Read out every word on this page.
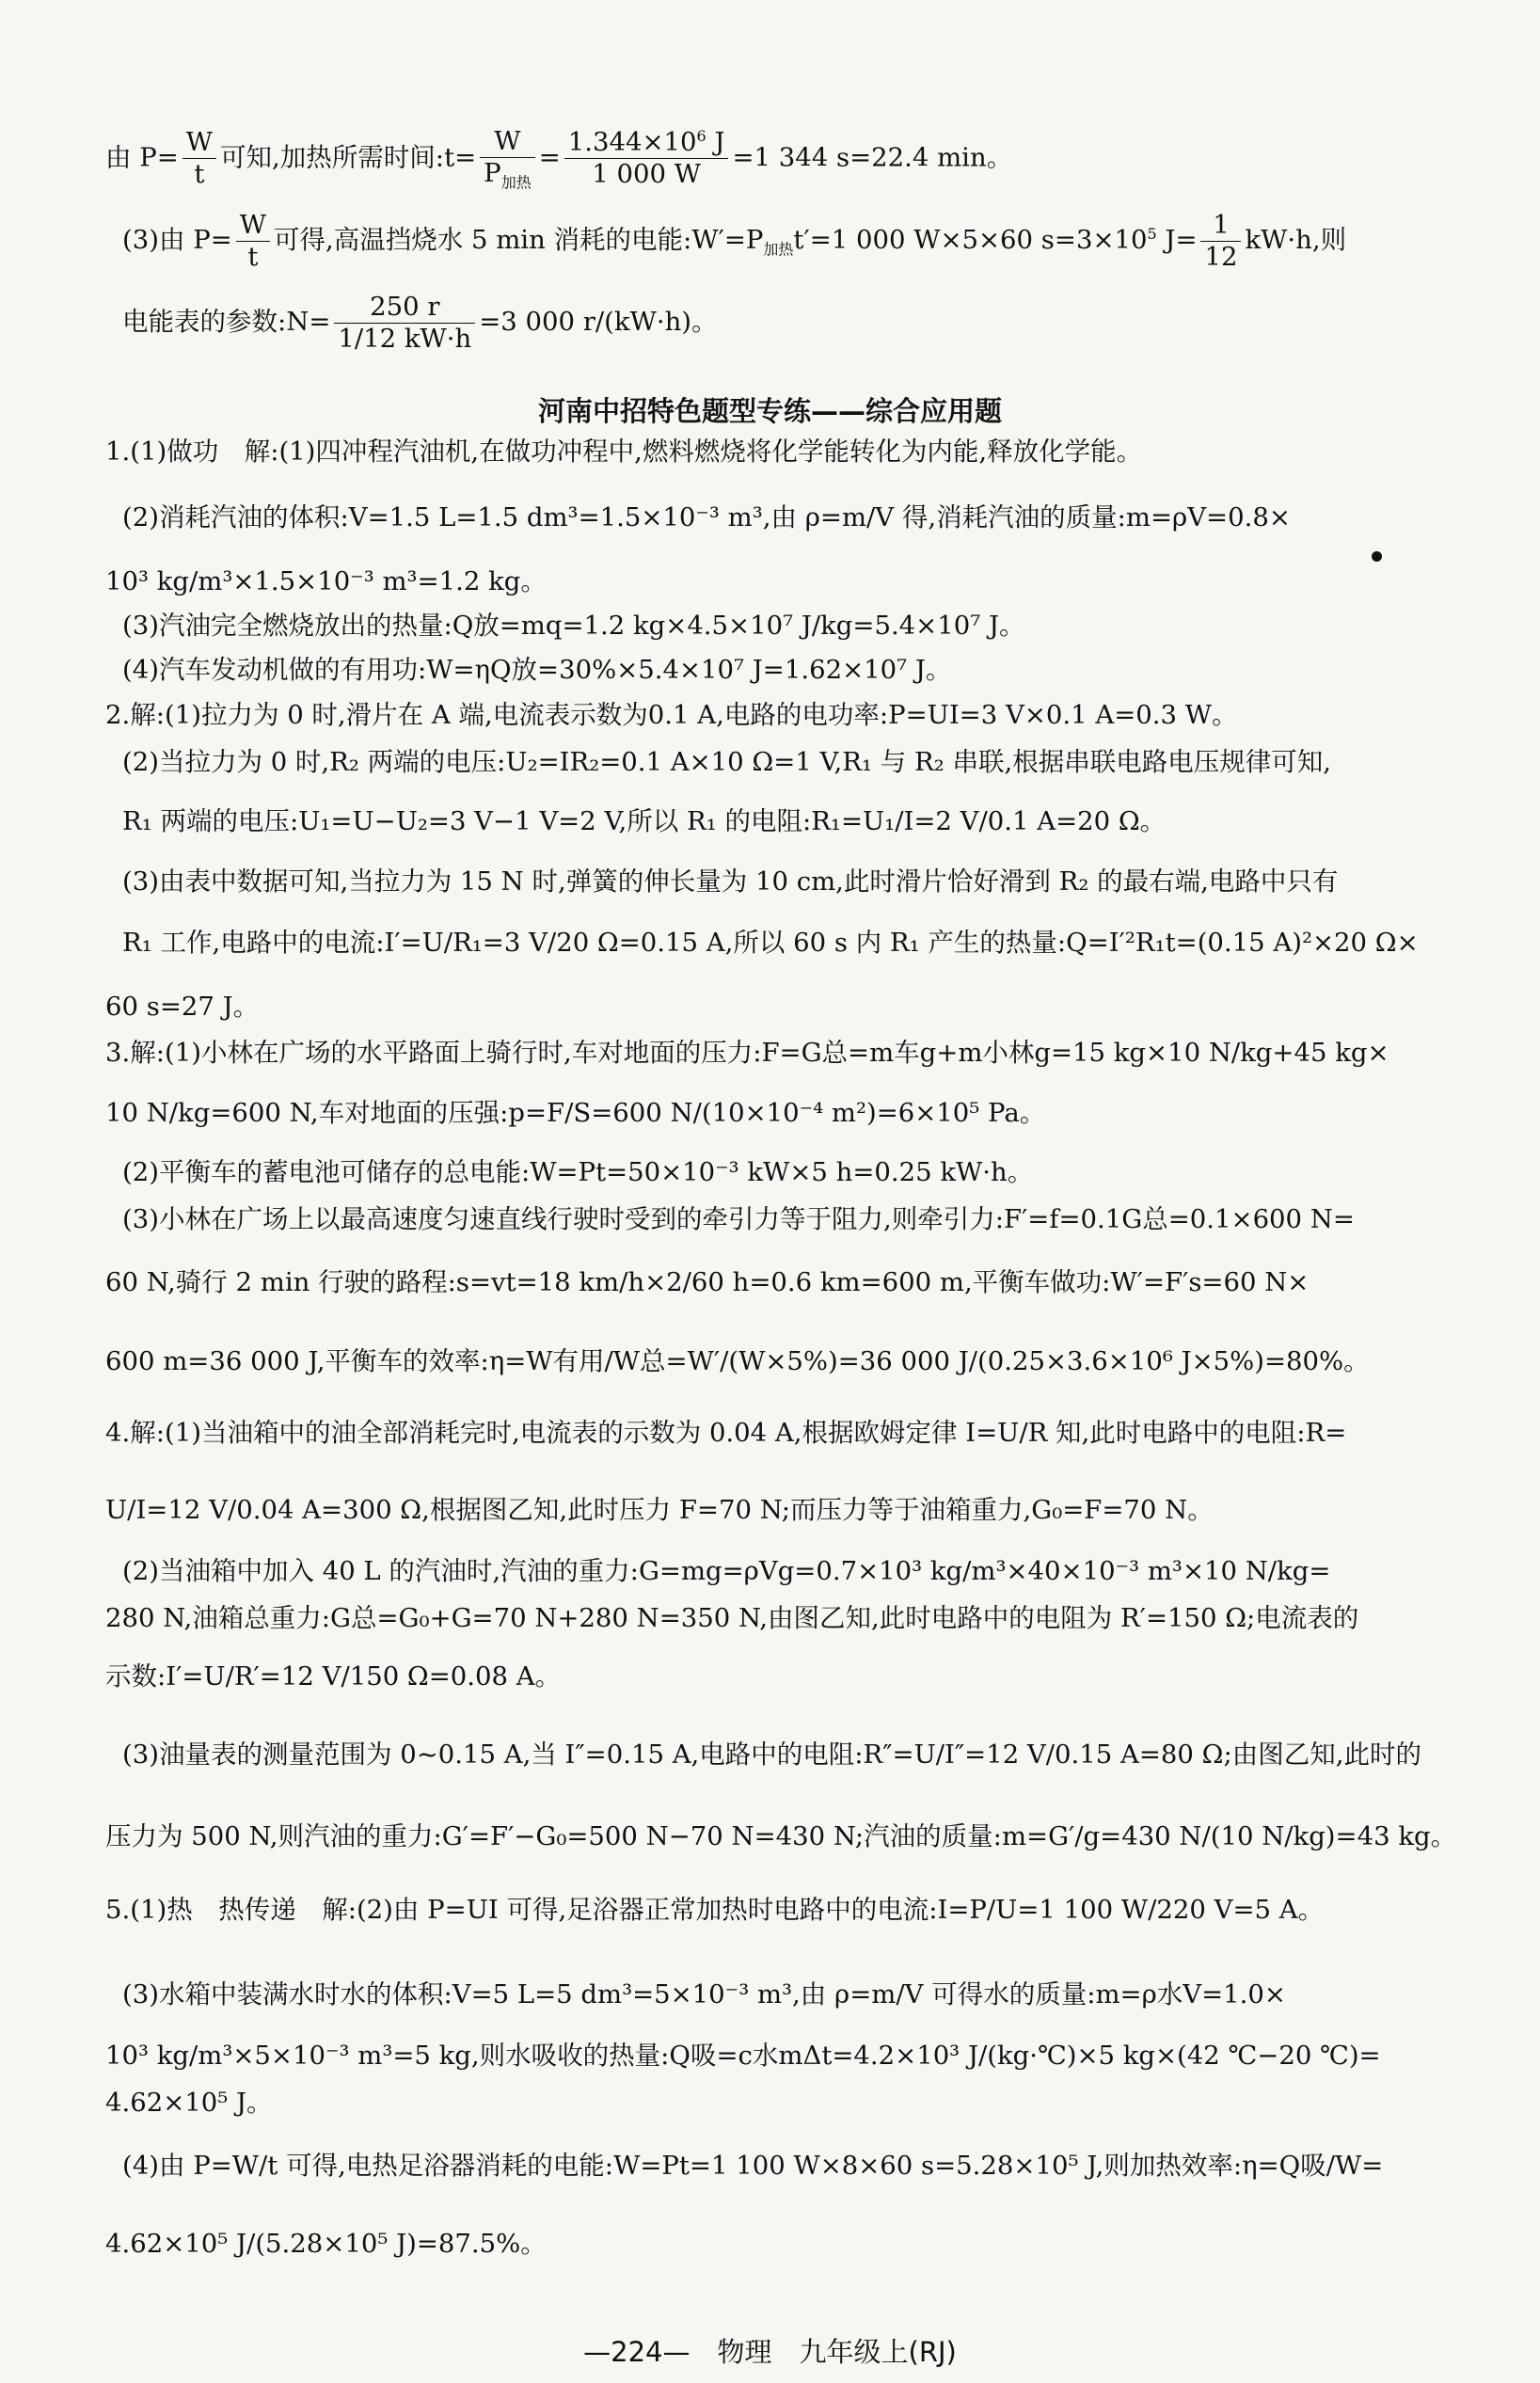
由 $P= \frac{W}{t}$ 可知,加热所需时间:t=
W
$P_{加热}$
= $\frac{1.344\times 10^6 J}{1 000 W} =1$ 344 s=22.4 min。
(3)由 $P= \frac{W}{t}$ 可得,高温挡烧水 5 min 消耗的电能$:W'=P_{加热}t'=1$ 000 W×5×60 $s=3\times 10^5$ $J= \frac{1}{12} kW\cdot h$,则
电能表的参数:N= $\frac{250 r}{1/12 kW\cdot h} =3$ 000 r/(kW·h)。
河南中招特色题型专练——综合应用题
1.(1)做功　解:(1)四冲程汽油机,在做功冲程中,燃料燃烧将化学能转化为内能,释放化学能。
(2)消耗汽油的体积:V=1.5 L=1.5 dm³=1.5×10⁻³ m³,由 ρ=m/V 得,消耗汽油的质量:m=ρV=0.8×
10³ kg/m³×1.5×10⁻³ m³=1.2 kg。
(3)汽油完全燃烧放出的热量:Q放=mq=1.2 kg×4.5×10⁷ J/kg=5.4×10⁷ J。
(4)汽车发动机做的有用功:W=ηQ放=30%×5.4×10⁷ J=1.62×10⁷ J。
2.解:(1)拉力为 0 时,滑片在 A 端,电流表示数为0.1 A,电路的电功率:P=UI=3 V×0.1 A=0.3 W。
(2)当拉力为 0 时,R₂ 两端的电压:U₂=IR₂=0.1 A×10 Ω=1 V,R₁ 与 R₂ 串联,根据串联电路电压规律可知,
R₁ 两端的电压:U₁=U−U₂=3 V−1 V=2 V,所以 R₁ 的电阻:R₁=U₁/I=2 V/0.1 A=20 Ω。
(3)由表中数据可知,当拉力为 15 N 时,弹簧的伸长量为 10 cm,此时滑片恰好滑到 R₂ 的最右端,电路中只有
R₁ 工作,电路中的电流:I′=U/R₁=3 V/20 Ω=0.15 A,所以 60 s 内 R₁ 产生的热量:Q=I′²R₁t=(0.15 A)²×20 Ω×
60 s=27 J。
3.解:(1)小林在广场的水平路面上骑行时,车对地面的压力:F=G总=m车g+m小林g=15 kg×10 N/kg+45 kg×
10 N/kg=600 N,车对地面的压强:p=F/S=600 N/(10×10⁻⁴ m²)=6×10⁵ Pa。
(2)平衡车的蓄电池可储存的总电能:W=Pt=50×10⁻³ kW×5 h=0.25 kW·h。
(3)小林在广场上以最高速度匀速直线行驶时受到的牵引力等于阻力,则牵引力:F′=f=0.1G总=0.1×600 N=
60 N,骑行 2 min 行驶的路程:s=vt=18 km/h×2/60 h=0.6 km=600 m,平衡车做功:W′=F′s=60 N×
600 m=36 000 J,平衡车的效率:η=W有用/W总=W′/(W×5%)=36 000 J/(0.25×3.6×10⁶ J×5%)=80%。
4.解:(1)当油箱中的油全部消耗完时,电流表的示数为 0.04 A,根据欧姆定律 I=U/R 知,此时电路中的电阻:R=
U/I=12 V/0.04 A=300 Ω,根据图乙知,此时压力 F=70 N;而压力等于油箱重力,G₀=F=70 N。
(2)当油箱中加入 40 L 的汽油时,汽油的重力:G=mg=ρVg=0.7×10³ kg/m³×40×10⁻³ m³×10 N/kg=
280 N,油箱总重力:G总=G₀+G=70 N+280 N=350 N,由图乙知,此时电路中的电阻为 R′=150 Ω;电流表的
示数:I′=U/R′=12 V/150 Ω=0.08 A。
(3)油量表的测量范围为 0~0.15 A,当 I″=0.15 A,电路中的电阻:R″=U/I″=12 V/0.15 A=80 Ω;由图乙知,此时的
压力为 500 N,则汽油的重力:G′=F′−G₀=500 N−70 N=430 N;汽油的质量:m=G′/g=430 N/(10 N/kg)=43 kg。
5.(1)热　热传递　解:(2)由 P=UI 可得,足浴器正常加热时电路中的电流:I=P/U=1 100 W/220 V=5 A。
(3)水箱中装满水时水的体积:V=5 L=5 dm³=5×10⁻³ m³,由 ρ=m/V 可得水的质量:m=ρ水V=1.0×
10³ kg/m³×5×10⁻³ m³=5 kg,则水吸收的热量:Q吸=c水mΔt=4.2×10³ J/(kg·℃)×5 kg×(42 ℃−20 ℃)=
4.62×10⁵ J。
(4)由 P=W/t 可得,电热足浴器消耗的电能:W=Pt=1 100 W×8×60 s=5.28×10⁵ J,则加热效率:η=Q吸/W=
4.62×10⁵ J/(5.28×10⁵ J)=87.5%。
—224—　物理　九年级上(RJ)
